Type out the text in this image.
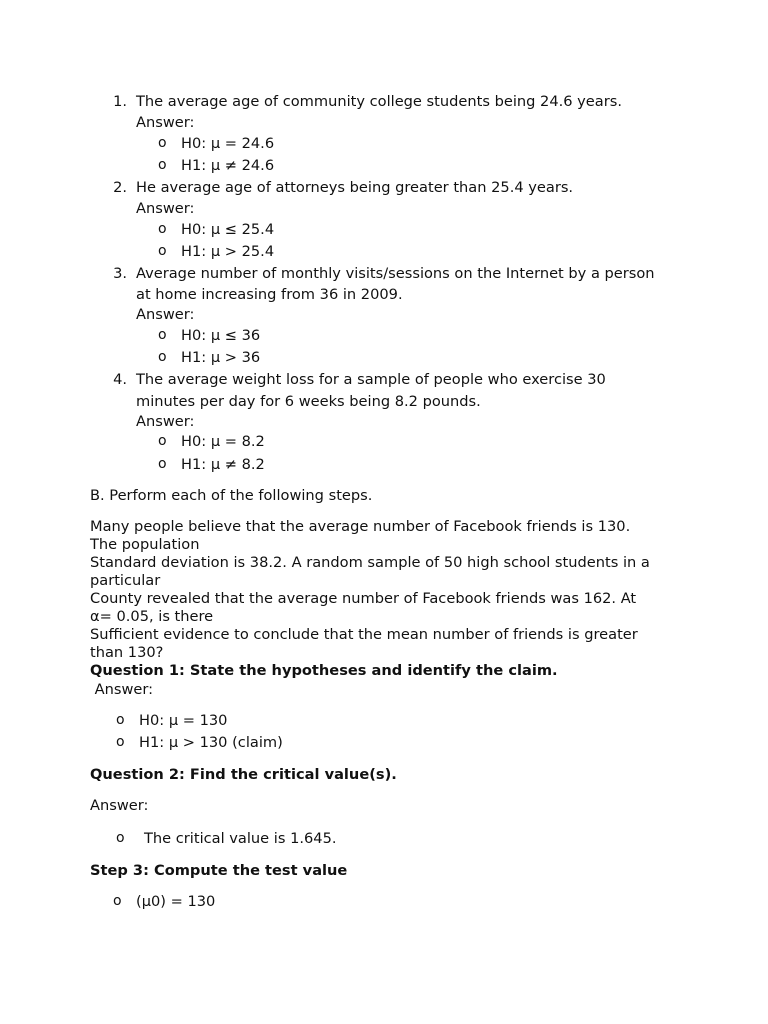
1. The average age of community college students being 24.6 years.
Answer:
o H0: μ = 24.6
o H1: μ ≠ 24.6
2. He average age of attorneys being greater than 25.4 years.
Answer:
o H0: μ ≤ 25.4
o H1: μ > 25.4
3. Average number of monthly visits/sessions on the Internet by a person
at home increasing from 36 in 2009.
Answer:
o H0: μ ≤ 36
o H1: μ > 36
4. The average weight loss for a sample of people who exercise 30
minutes per day for 6 weeks being 8.2 pounds.
Answer:
o H0: μ = 8.2
o H1: μ ≠ 8.2
B. Perform each of the following steps.
Many people believe that the average number of Facebook friends is 130.
The population
Standard deviation is 38.2. A random sample of 50 high school students in a
particular
County revealed that the average number of Facebook friends was 162. At
α= 0.05, is there
Sufficient evidence to conclude that the mean number of friends is greater
than 130?
Question 1: State the hypotheses and identify the claim.
Answer:
o H0: μ = 130
o H1: μ > 130 (claim)
Question 2: Find the critical value(s).
Answer:
o The critical value is 1.645.
Step 3: Compute the test value
o (μ0) = 130
